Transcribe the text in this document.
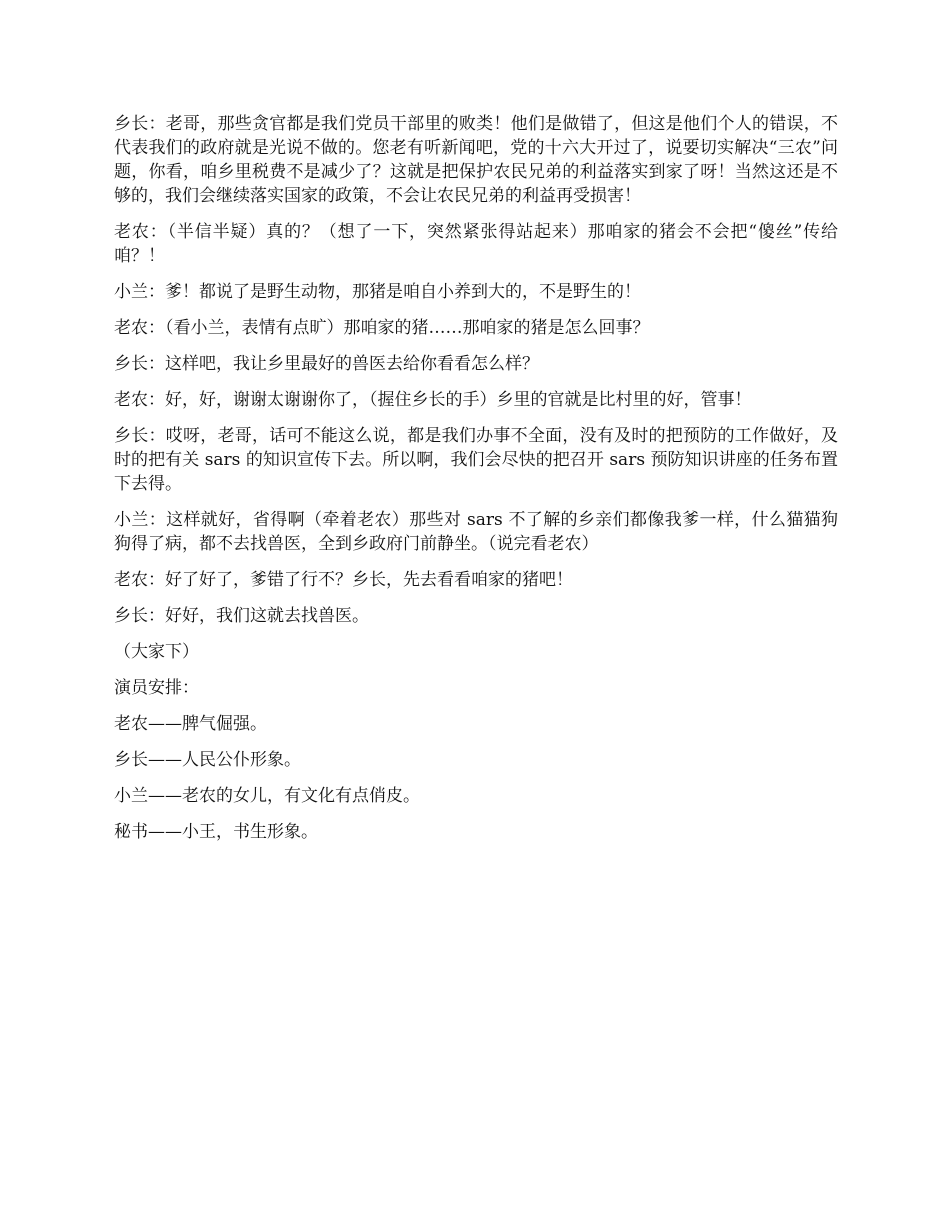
乡长：老哥，那些贪官都是我们党员干部里的败类！他们是做错了，但这是他们个人的错误，不代表我们的政府就是光说不做的。您老有听新闻吧，党的十六大开过了，说要切实解决“三农”问题，你看，咱乡里税费不是减少了？这就是把保护农民兄弟的利益落实到家了呀！当然这还是不够的，我们会继续落实国家的政策，不会让农民兄弟的利益再受损害！

老农：（半信半疑）真的？（想了一下，突然紧张得站起来）那咱家的猪会不会把“傻丝”传给咱？！

小兰：爹！都说了是野生动物，那猪是咱自小养到大的，不是野生的！

老农：（看小兰，表情有点旷）那咱家的猪……那咱家的猪是怎么回事？

乡长：这样吧，我让乡里最好的兽医去给你看看怎么样？

老农：好，好，谢谢太谢谢你了，（握住乡长的手）乡里的官就是比村里的好，管事！

乡长：哎呀，老哥，话可不能这么说，都是我们办事不全面，没有及时的把预防的工作做好，及时的把有关 sars 的知识宣传下去。所以啊，我们会尽快的把召开 sars 预防知识讲座的任务布置下去得。

小兰：这样就好，省得啊（牵着老农）那些对 sars 不了解的乡亲们都像我爹一样，什么猫猫狗狗得了病，都不去找兽医，全到乡政府门前静坐。（说完看老农）

老农：好了好了，爹错了行不？乡长，先去看看咱家的猪吧！

乡长：好好，我们这就去找兽医。

（大家下）

演员安排：

老农——脾气倔强。

乡长——人民公仆形象。

小兰——老农的女儿，有文化有点俏皮。

秘书——小王，书生形象。
